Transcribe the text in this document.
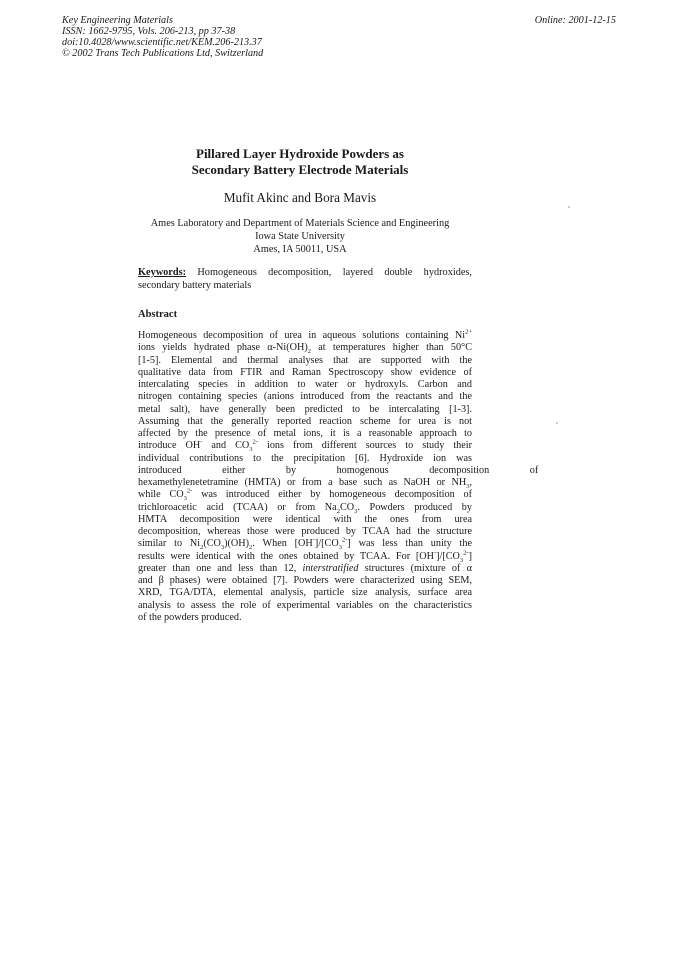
Key Engineering Materials
ISSN: 1662-9795, Vols. 206-213, pp 37-38
doi:10.4028/www.scientific.net/KEM.206-213.37
© 2002 Trans Tech Publications Ltd, Switzerland
Online: 2001-12-15
Pillared Layer Hydroxide Powders as
Secondary Battery Electrode Materials
Mufit Akinc and Bora Mavis
Ames Laboratory and Department of Materials Science and Engineering
Iowa State University
Ames, IA 50011, USA
Keywords: Homogeneous decomposition, layered double hydroxides, secondary battery materials
Abstract
Homogeneous decomposition of urea in aqueous solutions containing $Ni^{2+}$
ions yields hydrated phase $\alpha-Ni(OH)_2$ at temperatures higher than 50°C
[1-5]. Elemental and thermal analyses that are supported with the
qualitative data from FTIR and Raman Spectroscopy show evidence of
intercalating species in addition to water or hydroxyls. Carbon and
nitrogen containing species (anions introduced from the reactants and the
metal salt), have generally been predicted to be intercalating [1-3].
Assuming that the generally reported reaction scheme for urea is not
affected by the presence of metal ions, it is a reasonable approach to
introduce OH- and $CO_3^{2-}$ ions from different sources to study their
individual contributions to the precipitation [6]. Hydroxide ion was
introduced either by homogenous decomposition of
hexamethylenetetramine (HMTA) or from a base such as NaOH or $NH_3$,
while $CO_3^{2-}$ was introduced either by homogeneous decomposition of
trichloroacetic acid (TCAA) or from $Na_2CO_3$. Powders produced by
HMTA decomposition were identical with the ones from urea
decomposition, whereas those were produced by TCAA had the structure
similar to $Ni_2(CO_3)(OH)_2$. When $[OH^-]/[CO_3^{2-}]$ was less than unity the
results were identical with the ones obtained by TCAA. For $[OH^-]/[CO_3^{2-}]$
greater than one and less than 12, interstratified structures (mixture of α
and β phases) were obtained [7]. Powders were characterized using SEM,
XRD, TGA/DTA, elemental analysis, particle size analysis, surface area
analysis to assess the role of experimental variables on the characteristics
of the powders produced.
